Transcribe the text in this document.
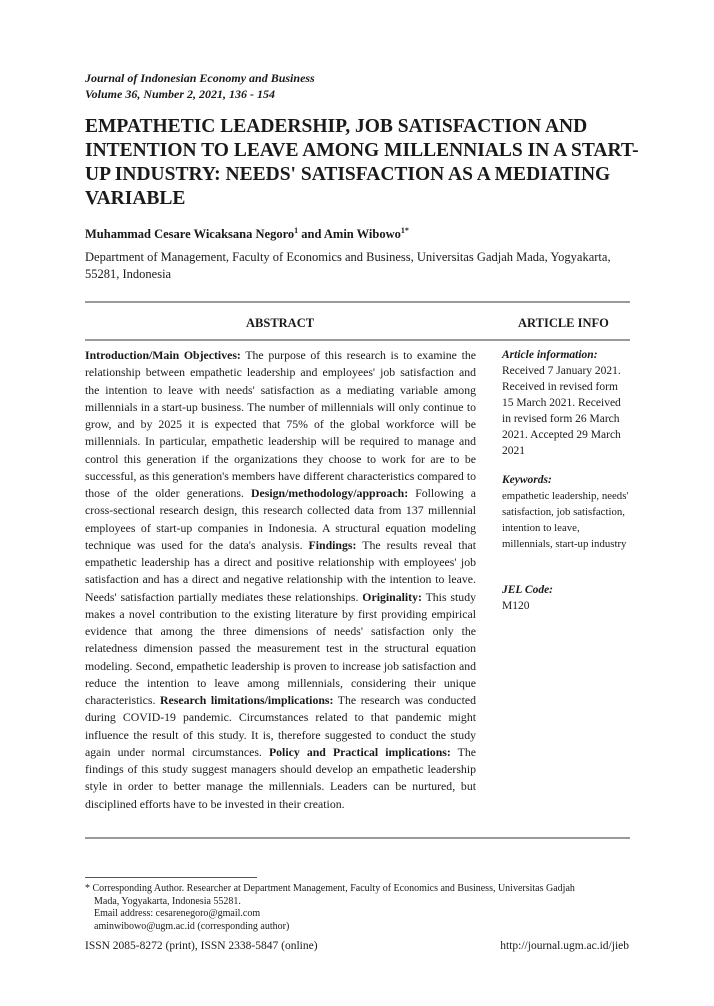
Journal of Indonesian Economy and Business
Volume 36, Number 2, 2021, 136 - 154
EMPATHETIC LEADERSHIP, JOB SATISFACTION AND INTENTION TO LEAVE AMONG MILLENNIALS IN A START-UP INDUSTRY: NEEDS' SATISFACTION AS A MEDIATING VARIABLE
Muhammad Cesare Wicaksana Negoro$^1$ and Amin Wibowo$^{1*}$
Department of Management, Faculty of Economics and Business, Universitas Gadjah Mada, Yogyakarta, 55281, Indonesia
ABSTRACT	ARTICLE INFO

Introduction/Main Objectives: The purpose of this research is to examine the relationship between empathetic leadership and employees' job satisfaction and the intention to leave with needs' satisfaction as a mediating variable among millennials in a start-up business. The number of millennials will only continue to grow, and by 2025 it is expected that 75% of the global workforce will be millennials. In particular, empathetic leadership will be required to manage and control this generation if the organizations they choose to work for are to be successful, as this generation's members have different characteristics compared to those of the older generations. Design/methodology/approach: Following a cross-sectional research design, this research collected data from 137 millennial employees of start-up companies in Indonesia. A structural equation modeling technique was used for the data's analysis. Findings: The results reveal that empathetic leadership has a direct and positive relationship with employees' job satisfaction and has a direct and negative relationship with the intention to leave. Needs' satisfaction partially mediates these relationships. Originality: This study makes a novel contribution to the existing literature by first providing empirical evidence that among the three dimensions of needs' satisfaction only the relatedness dimension passed the measurement test in the structural equation modeling. Second, empathetic leadership is proven to increase job satisfaction and reduce the intention to leave among millennials, considering their unique characteristics. Research limitations/implications: The research was conducted during COVID-19 pandemic. Circumstances related to that pandemic might influence the result of this study. It is, therefore suggested to conduct the study again under normal circumstances. Policy and Practical implications: The findings of this study suggest managers should develop an empathetic leadership style in order to better manage the millennials. Leaders can be nurtured, but disciplined efforts have to be invested in their creation.

Article information:
Received 7 January 2021. Received in revised form 15 March 2021. Received in revised form 26 March 2021. Accepted 29 March 2021
Keywords:
empathetic leadership, needs' satisfaction, job satisfaction, intention to leave, millennials, start-up industry
JEL Code:
M120
* Corresponding Author. Researcher at Department Management, Faculty of Economics and Business, Universitas Gadjah
Mada, Yogyakarta, Indonesia 55281.
Email address: cesarenegoro@gmail.com
aminwibowo@ugm.ac.id (corresponding author)
ISSN 2085-8272 (print), ISSN 2338-5847 (online)	http://journal.ugm.ac.id/jieb
